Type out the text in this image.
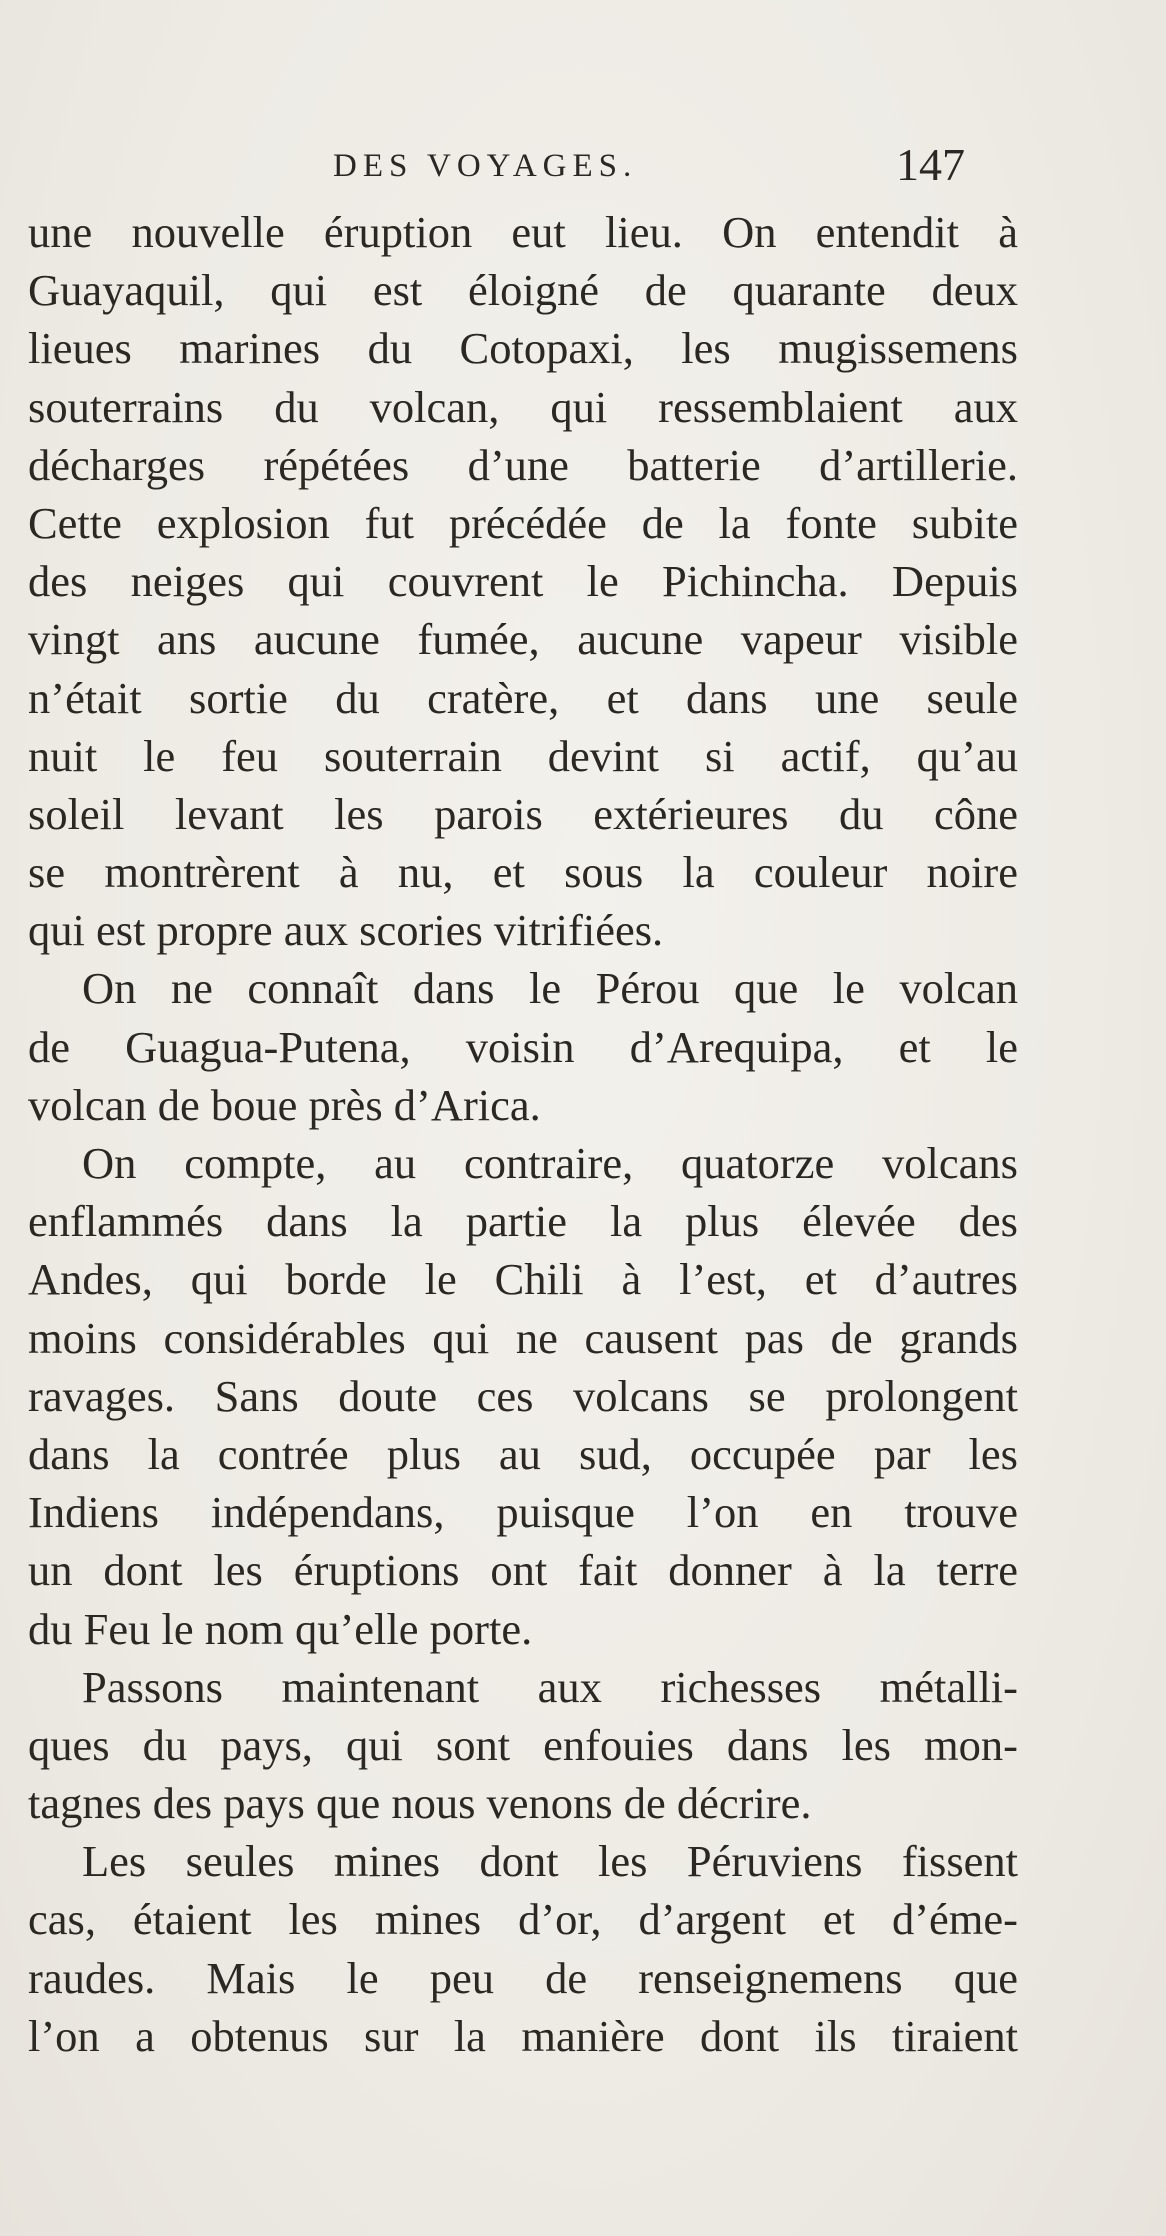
DES VOYAGES.	147
une nouvelle éruption eut lieu. On entendit à
Guayaquil, qui est éloigné de quarante deux
lieues marines du Cotopaxi, les mugissemens
souterrains du volcan, qui ressemblaient aux
décharges répétées d’une batterie d’artillerie.
Cette explosion fut précédée de la fonte subite
des neiges qui couvrent le Pichincha. Depuis
vingt ans aucune fumée, aucune vapeur visible
n’était sortie du cratère, et dans une seule
nuit le feu souterrain devint si actif, qu’au
soleil levant les parois extérieures du cône
se montrèrent à nu, et sous la couleur noire
qui est propre aux scories vitrifiées.
On ne connaît dans le Pérou que le volcan
de Guagua-Putena, voisin d’Arequipa, et le
volcan de boue près d’Arica.
On compte, au contraire, quatorze volcans
enflammés dans la partie la plus élevée des
Andes, qui borde le Chili à l’est, et d’autres
moins considérables qui ne causent pas de grands
ravages. Sans doute ces volcans se prolongent
dans la contrée plus au sud, occupée par les
Indiens indépendans, puisque l’on en trouve
un dont les éruptions ont fait donner à la terre
du Feu le nom qu’elle porte.
Passons maintenant aux richesses métalli-
ques du pays, qui sont enfouies dans les mon-
tagnes des pays que nous venons de décrire.
Les seules mines dont les Péruviens fissent
cas, étaient les mines d’or, d’argent et d’éme-
raudes. Mais le peu de renseignemens que
l’on a obtenus sur la manière dont ils tiraient
